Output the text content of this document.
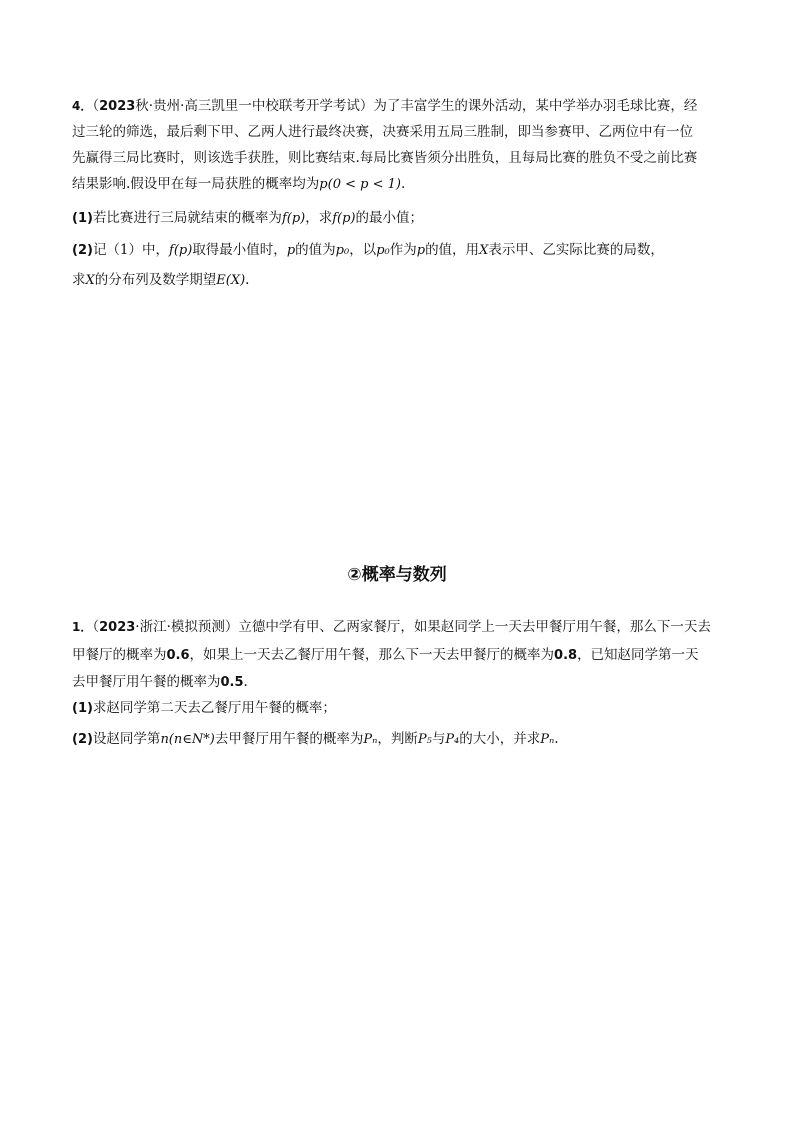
4．（2023秋·贵州·高三凯里一中校联考开学考试）为了丰富学生的课外活动，某中学举办羽毛球比赛，经
过三轮的筛选，最后剩下甲、乙两人进行最终决赛，决赛采用五局三胜制，即当参赛甲、乙两位中有一位
先赢得三局比赛时，则该选手获胜，则比赛结束.每局比赛皆须分出胜负，且每局比赛的胜负不受之前比赛
结果影响.假设甲在每一局获胜的概率均为p(0 < p < 1).
(1)若比赛进行三局就结束的概率为f(p)，求f(p)的最小值；
(2)记（1）中，f(p)取得最小值时，p的值为p₀，以p₀作为p的值，用X表示甲、乙实际比赛的局数，
求X的分布列及数学期望E(X).
②概率与数列
1．（2023·浙江·模拟预测）立德中学有甲、乙两家餐厅，如果赵同学上一天去甲餐厅用午餐，那么下一天去
甲餐厅的概率为0.6，如果上一天去乙餐厅用午餐，那么下一天去甲餐厅的概率为0.8，已知赵同学第一天
去甲餐厅用午餐的概率为0.5.
(1)求赵同学第二天去乙餐厅用午餐的概率；
(2)设赵同学第n(n∈N*)去甲餐厅用午餐的概率为Pₙ，判断P₅与P₄的大小，并求Pₙ.
